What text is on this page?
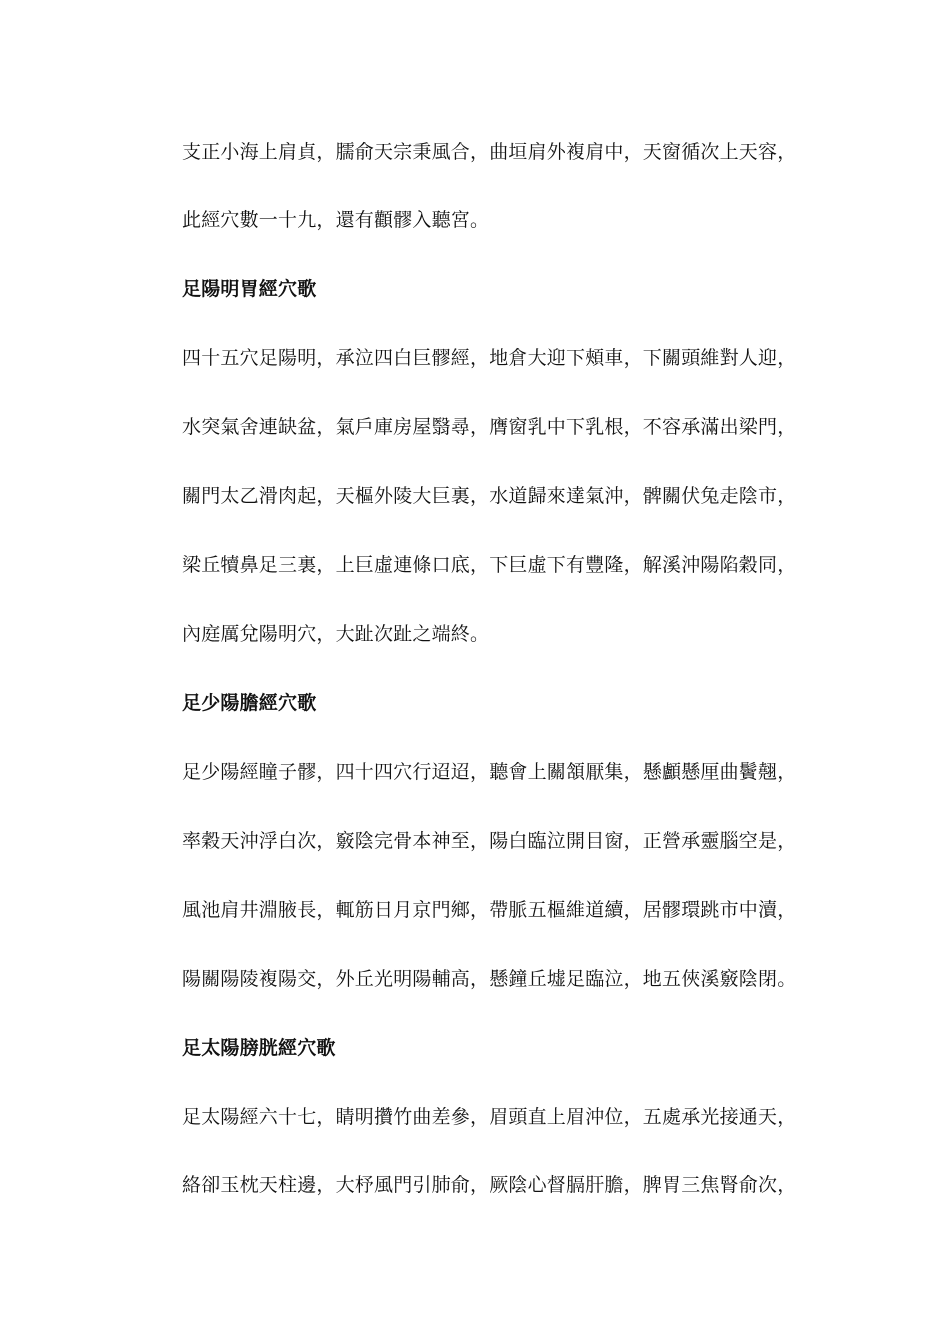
支正小海上肩貞，臑俞天宗秉風合，曲垣肩外複肩中，天窗循次上天容，
此經穴數一十九，還有顴髎入聽宮。
足陽明胃經穴歌
四十五穴足陽明，承泣四白巨髎經，地倉大迎下頰車，下關頭維對人迎，
水突氣舍連缺盆，氣戶庫房屋翳尋，膺窗乳中下乳根，不容承滿出梁門，
關門太乙滑肉起，天樞外陵大巨裏，水道歸來達氣沖，髀關伏兔走陰市，
梁丘犢鼻足三裏，上巨虛連條口底，下巨虛下有豐隆，解溪沖陽陷穀同，
內庭厲兌陽明穴，大趾次趾之端終。
足少陽膽經穴歌
足少陽經瞳子髎，四十四穴行迢迢，聽會上關頷厭集，懸顱懸厘曲鬢翹，
率穀天沖浮白次，竅陰完骨本神至，陽白臨泣開目窗，正營承靈腦空是，
風池肩井淵腋長，輒筋日月京門鄉，帶脈五樞維道續，居髎環跳市中瀆，
陽關陽陵複陽交，外丘光明陽輔高，懸鐘丘墟足臨泣，地五俠溪竅陰閉。
足太陽膀胱經穴歌
足太陽經六十七，睛明攢竹曲差參，眉頭直上眉沖位，五處承光接通天，
絡卻玉枕天柱邊，大杼風門引肺俞，厥陰心督膈肝膽，脾胃三焦腎俞次，
